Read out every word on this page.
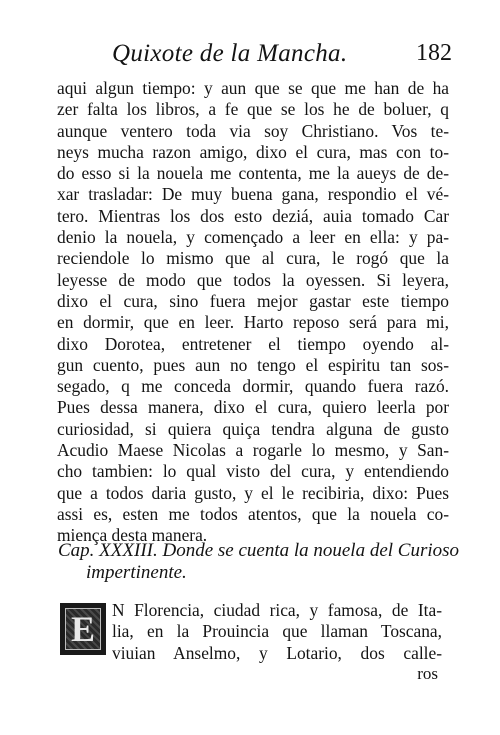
Quixote de la Mancha.	182
aqui algun tiempo: y aun que se que me han de ha
zer falta los libros, a fe que se los he de boluer, q
aunque ventero toda via soy Christiano. Vos te-
neys mucha razon amigo, dixo el cura, mas con to-
do esso si la nouela me contenta, me la aueys de de-
xar trasladar: De muy buena gana, respondio el vé-
tero. Mientras los dos esto deziá, auia tomado Car
denio la nouela, y començado a leer en ella: y pa-
reciendole lo mismo que al cura, le rogó que la
leyesse de modo que todos la oyessen. Si leyera,
dixo el cura, sino fuera mejor gastar este tiempo
en dormir, que en leer. Harto reposo será para mi,
dixo Dorotea, entretener el tiempo oyendo al-
gun cuento, pues aun no tengo el espiritu tan sos-
segado, q me conceda dormir, quando fuera razó.
Pues dessa manera, dixo el cura, quiero leerla por
curiosidad, si quiera quiça tendra alguna de gusto
Acudio Maese Nicolas a rogarle lo mesmo, y San-
cho tambien: lo qual visto del cura, y entendiendo
que a todos daria gusto, y el le recibiria, dixo: Pues
assi es, esten me todos atentos, que la nouela co-
miença desta manera.
Cap. XXXIII. Donde se cuenta la nouela del Curioso
impertinente.
E N Florencia, ciudad rica, y famosa, de Ita-
lia, en la Prouincia que llaman Toscana,
viuian Anselmo, y Lotario, dos calle-
ros
